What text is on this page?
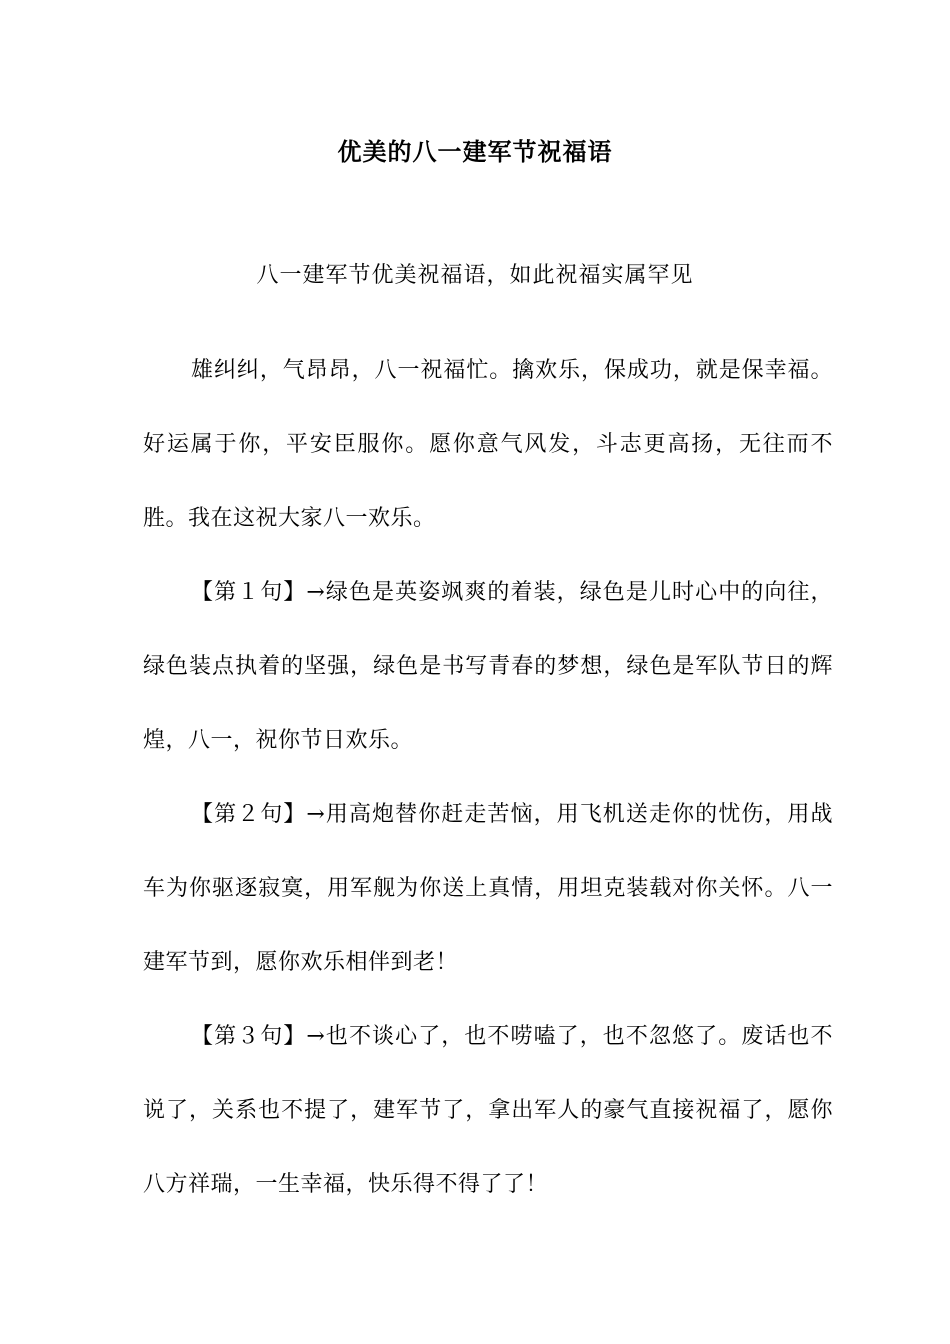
优美的八一建军节祝福语
八一建军节优美祝福语，如此祝福实属罕见

雄纠纠，气昂昂，八一祝福忙。擒欢乐，保成功，就是保幸福。好运属于你，平安臣服你。愿你意气风发，斗志更高扬，无往而不胜。我在这祝大家八一欢乐。

【第１句】→绿色是英姿飒爽的着装，绿色是儿时心中的向往，绿色装点执着的坚强，绿色是书写青春的梦想，绿色是军队节日的辉煌，八一，祝你节日欢乐。

【第２句】→用高炮替你赶走苦恼，用飞机送走你的忧伤，用战车为你驱逐寂寞，用军舰为你送上真情，用坦克装载对你关怀。八一建军节到，愿你欢乐相伴到老！

【第３句】→也不谈心了，也不唠嗑了，也不忽悠了。废话也不说了，关系也不提了，建军节了，拿出军人的豪气直接祝福了，愿你八方祥瑞，一生幸福，快乐得不得了了！
